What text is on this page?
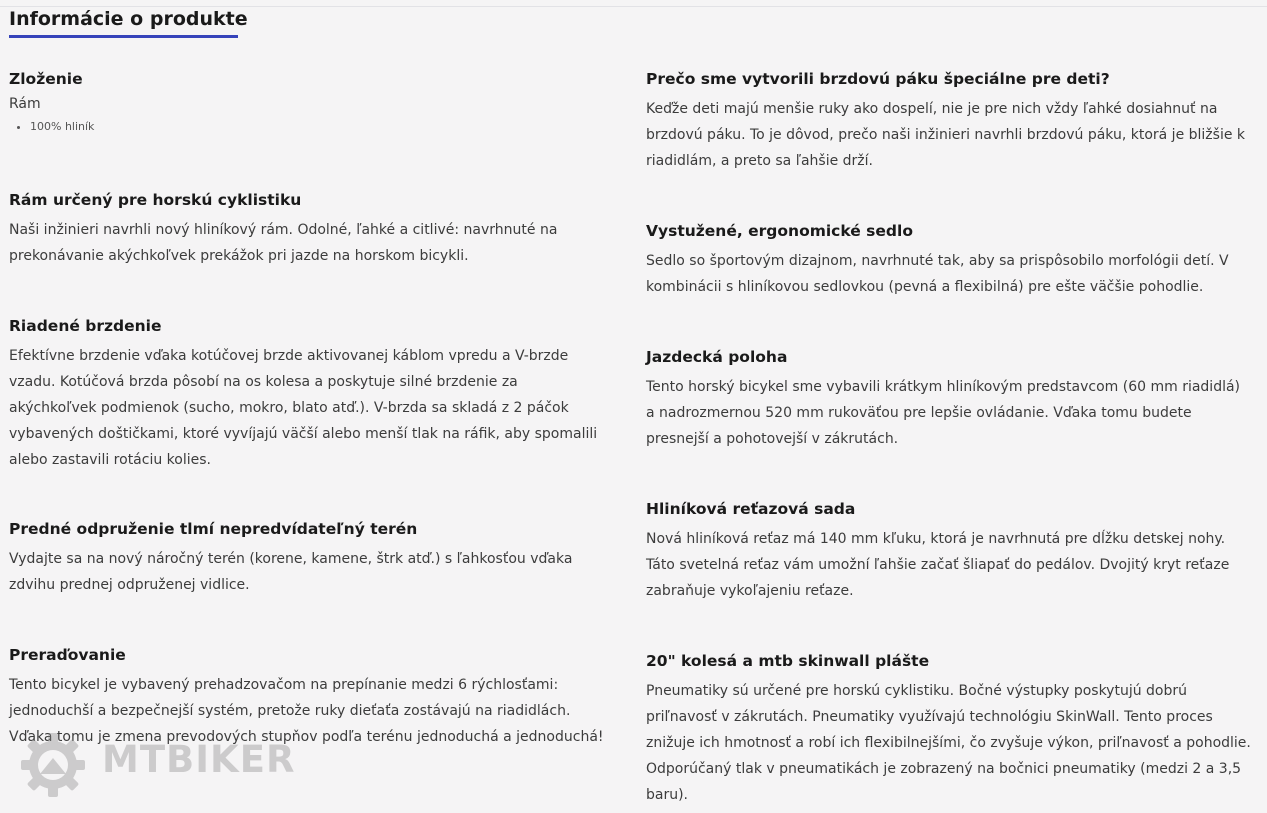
Informácie o produkte
Zloženie
Rám
• 100% hliník
Rám určený pre horskú cyklistiku

Naši inžinieri navrhli nový hliníkový rám. Odolné, ľahké a citlivé: navrhnuté na prekonávanie akýchkoľvek prekážok pri jazde na horskom bicykli.

Riadené brzdenie

Efektívne brzdenie vďaka kotúčovej brzde aktivovanej káblom vpredu a V-brzde vzadu. Kotúčová brzda pôsobí na os kolesa a poskytuje silné brzdenie za akýchkoľvek podmienok (sucho, mokro, blato atď.). V-brzda sa skladá z 2 páčok vybavených doštičkami, ktoré vyvíjajú väčší alebo menší tlak na ráfik, aby spomalili alebo zastavili rotáciu kolies.

Predné odpruženie tlmí nepredvídateľný terén

Vydajte sa na nový náročný terén (korene, kamene, štrk atď.) s ľahkosťou vďaka zdvihu prednej odpruženej vidlice.

Preraďovanie

Tento bicykel je vybavený prehadzovačom na prepínanie medzi 6 rýchlosťami: jednoduchší a bezpečnejší systém, pretože ruky dieťaťa zostávajú na riadidlách. Vďaka tomu je zmena prevodových stupňov podľa terénu jednoduchá a jednoduchá!

Prečo sme vytvorili brzdovú páku špeciálne pre deti?

Keďže deti majú menšie ruky ako dospelí, nie je pre nich vždy ľahké dosiahnuť na brzdovú páku. To je dôvod, prečo naši inžinieri navrhli brzdovú páku, ktorá je bližšie k riadidlám, a preto sa ľahšie drží.

Vystužené, ergonomické sedlo

Sedlo so športovým dizajnom, navrhnuté tak, aby sa prispôsobilo morfológii detí. V kombinácii s hliníkovou sedlovkou (pevná a flexibilná) pre ešte väčšie pohodlie.

Jazdecká poloha

Tento horský bicykel sme vybavili krátkym hliníkovým predstavcom (60 mm riadidlá) a nadrozmernou 520 mm rukoväťou pre lepšie ovládanie. Vďaka tomu budete presnejší a pohotovejší v zákrutách.

Hliníková reťazová sada

Nová hliníková reťaz má 140 mm kľuku, ktorá je navrhnutá pre dĺžku detskej nohy. Táto svetelná reťaz vám umožní ľahšie začať šliapať do pedálov. Dvojitý kryt reťaze zabraňuje vykoľajeniu reťaze.

20" kolesá a mtb skinwall plášte

Pneumatiky sú určené pre horskú cyklistiku. Bočné výstupky poskytujú dobrú priľnavosť v zákrutách. Pneumatiky využívajú technológiu SkinWall. Tento proces znižuje ich hmotnosť a robí ich flexibilnejšími, čo zvyšuje výkon, priľnavosť a pohodlie. Odporúčaný tlak v pneumatikách je zobrazený na bočnici pneumatiky (medzi 2 a 3,5 baru).

MTBIKER
